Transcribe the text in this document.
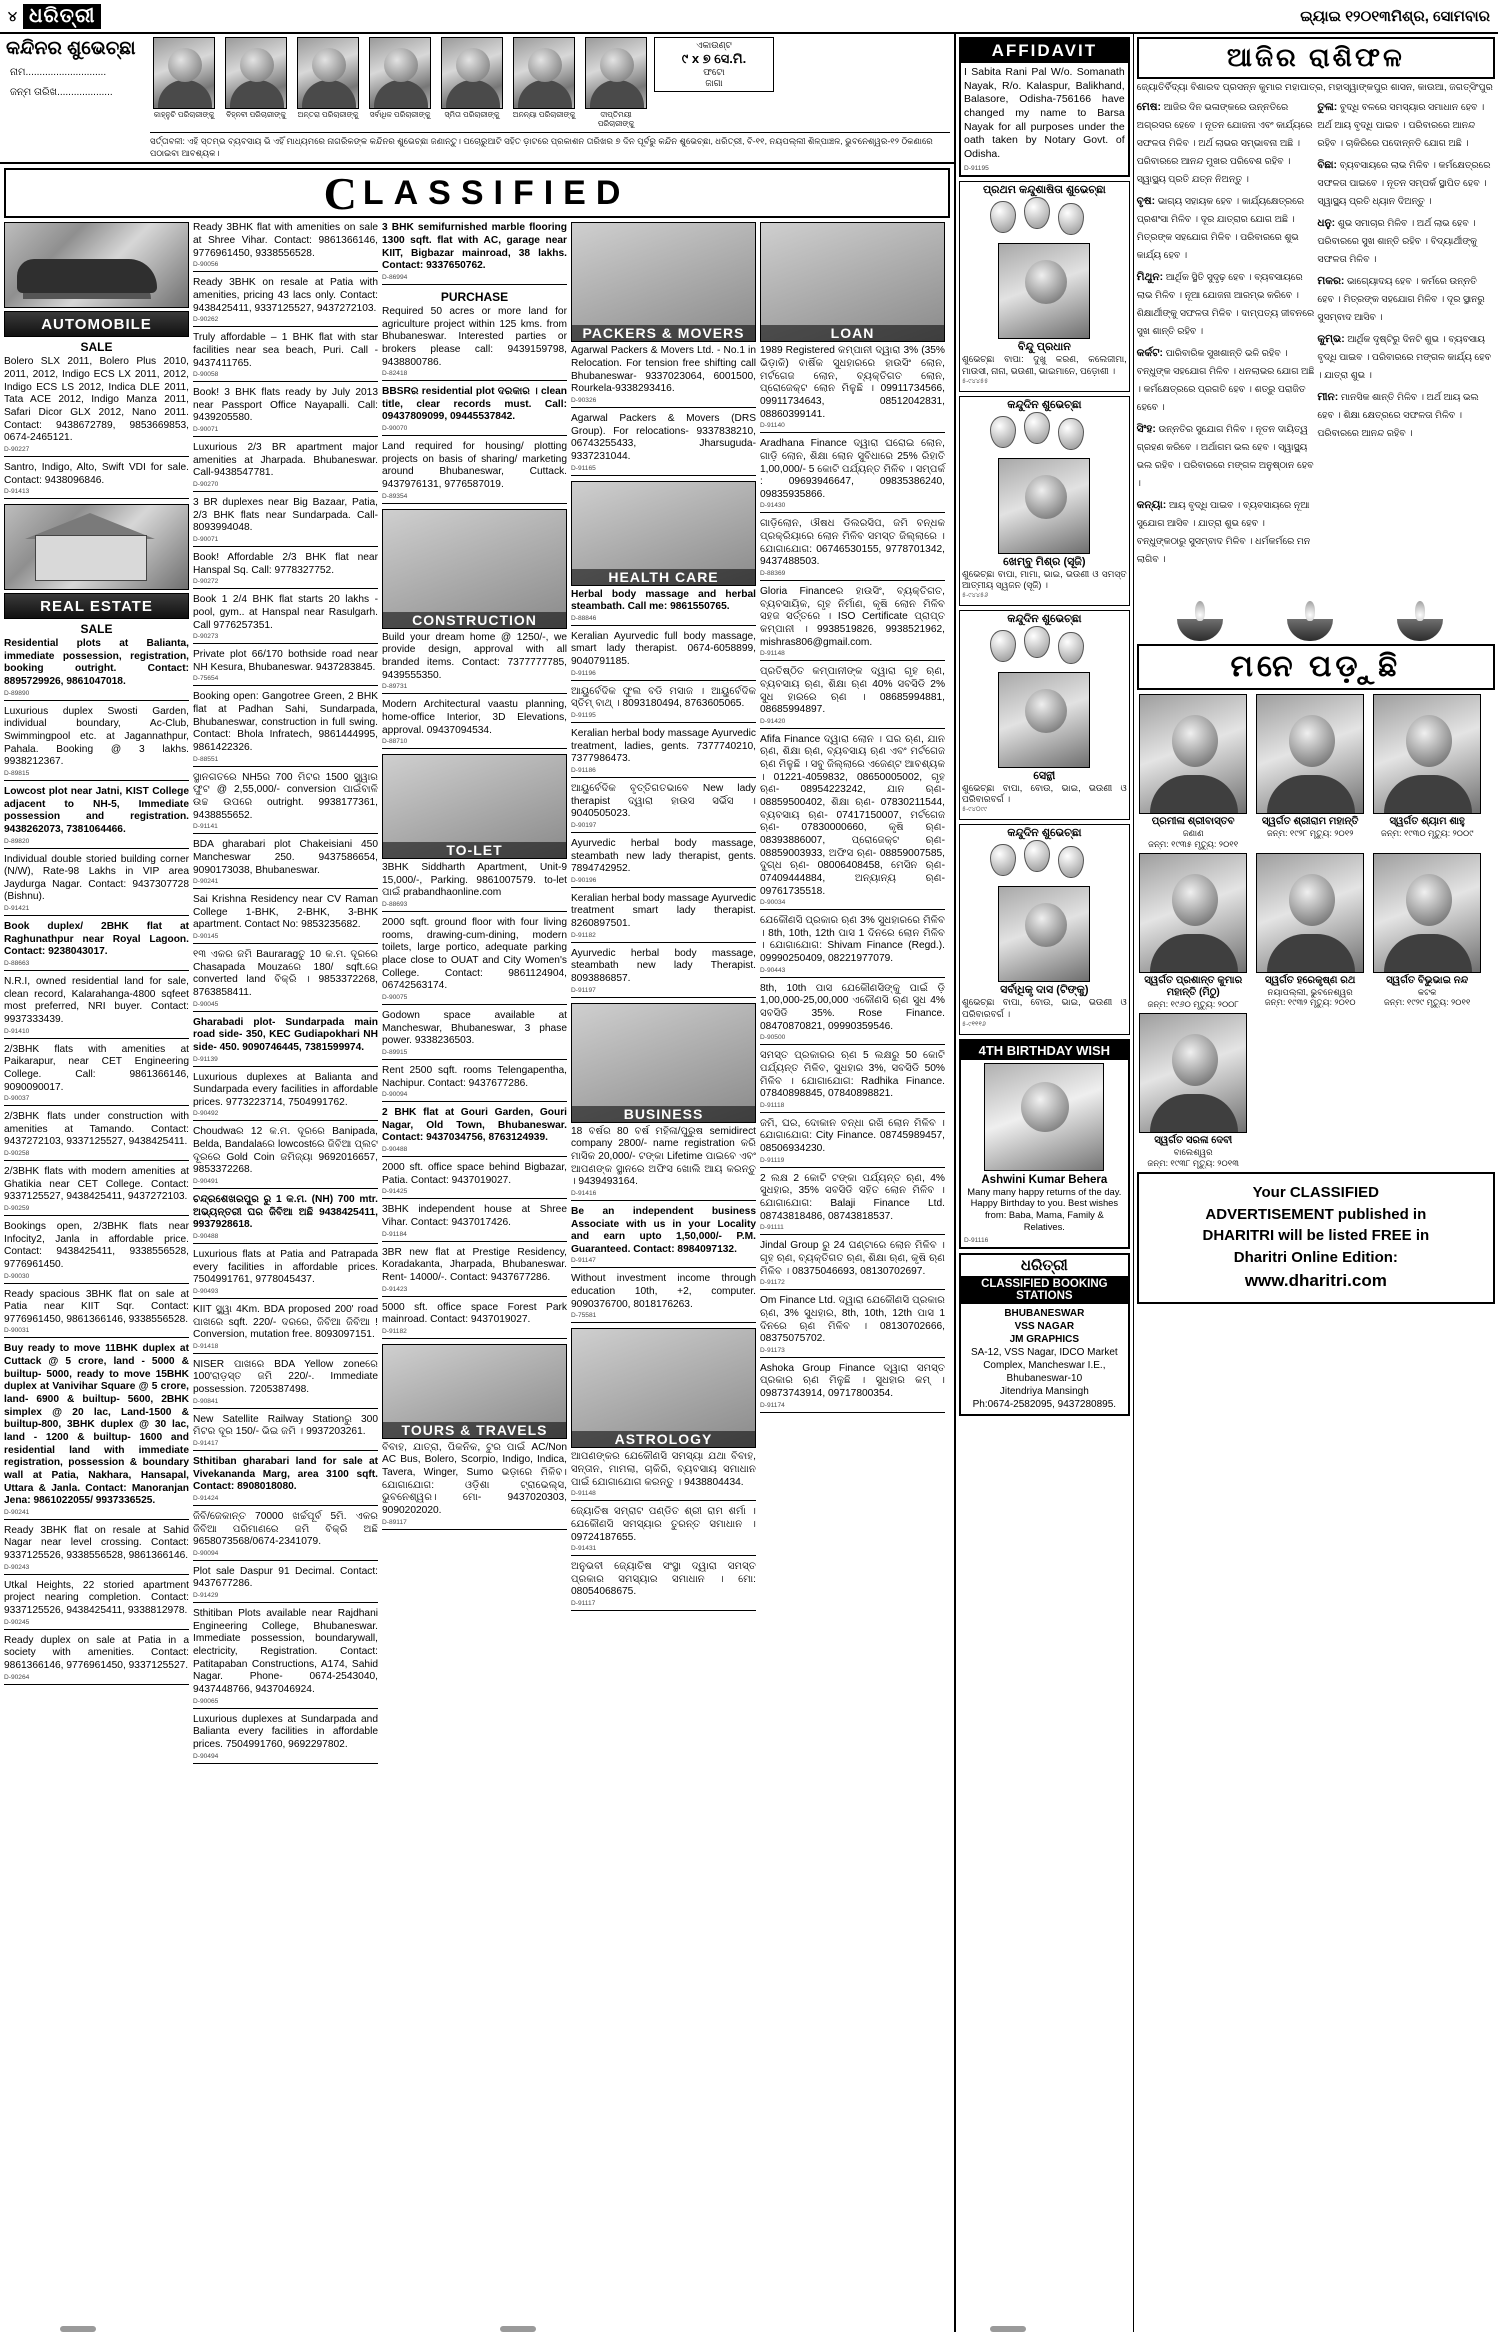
୪ ଧରିତ୍ରୀ	ଇ୍ୟାଇ ୧୨୦୧୩ମିଶ୍ର, ସୋମବାର
କନ୍ଦିନର ଶୁଭେଚ୍ଛା
ନାମ.............................
ଜନ୍ମ ତାରିଖ....................
କାହ୍ନୁଚି ପରିଚାରୀଙ୍କୁ	ବିହ୍ନବୀ ପରିଚାରୀଙ୍କୁ	ଅନ୍ତରା ପରିଚାରୀଙ୍କୁ	ସର୍ବାଧିକ ପରିଚାରୀଙ୍କୁ	ସ୍ମିତା ପରିଚାରୀଙ୍କୁ	ଅନନ୍ୟା ପରିଚାରୀଙ୍କୁ	ଦୀପ୍ତିମୟୀ ପରିଚାରୀଙ୍କୁ
ଏକାଉଣ୍ଟ
୯ x ୭ ସେ.ମି.
ଫଟୋ
ଜାଗା
ସର୍ତ୍ତାବଳୀ: ଏହି ସ୍ତମ୍ଭ ବ୍ୟବସାୟ ଭି ଏହିଁ ମାଧ୍ୟମରେ ନାଗରିକଙ୍କ କନ୍ଦିନର ଶୁଭେଚ୍ଛା ଜଣାନ୍ତୁ। ପଚୋରୁଆଟି ସହିତ ଡ଼ାଟରେ ପ୍ରକାଶନ ତାରିଖର ୭ ଦିନ ପୂର୍ବରୁ କନ୍ଦିନ ଶୁଭେଚ୍ଛା, ଧରିତ୍ରୀ, ବି-୧୧, ନୟପଲ୍ଲୀ ଶିଳ୍ପାଞ୍ଚଳ, ଭୁବନେଶ୍ୱର-୧୨ ଠିକଣାରେ ପଠାଇବା ଆବଶ୍ୟକ।
C LASSIFIED
AUTOMOBILE
SALE
Bolero SLX 2011, Bolero Plus 2010, 2011, 2012, Indigo ECS LX 2011, 2012, Indigo ECS LS 2012, Indica DLE 2011, Tata ACE 2012, Indigo Manza 2011, Safari Dicor GLX 2012, Nano 2011. Contact: 9438672789, 9853669853, 0674-2465121.
D-90227
Santro, Indigo, Alto, Swift VDI for sale. Contact: 9438096846.
D-91413
REAL ESTATE
SALE
Residential plots at Balianta, immediate possession, registration, booking outright. Contact: 8895729926, 9861047018.
D-89890
Luxurious duplex Swosti Garden, individual boundary, Ac-Club, Swimmingpool etc. at Jagannathpur, Pahala. Booking @ 3 lakhs. 9938212367.
D-89815
Lowcost plot near Jatni, KIST College adjacent to NH-5, Immediate possession and registration. 9438262073, 7381064466.
D-89820
Individual double storied building corner (N/W), Rate-98 Lakhs in VIP area Jaydurga Nagar. Contact: 9437307728 (Bishnu).
D-91421
Book duplex/ 2BHK flat at Raghunathpur near Royal Lagoon. Contact: 9238043017.
D-88663
N.R.I, owned residential land for sale, clean record, Kalarahanga-4800 sqfeet most preferred, NRI buyer. Contact: 9937333439.
D-91410
2/3BHK flats with amenities at Paikarapur, near CET Engineering College. Call: 9861366146, 9090090017.
D-90037
2/3BHK flats under construction with amenities at Tamando. Contact: 9437272103, 9337125527, 9438425411.
D-90258
2/3BHK flats with modern amenities at Ghatikia near CET College. Contact: 9337125527, 9438425411, 9437272103.
D-90259
Bookings open, 2/3BHK flats near Infocity2, Janla in affordable price. Contact: 9438425411, 9338556528, 9776961450.
D-90030
Ready spacious 3BHK flat on sale at Patia near KIIT Sqr. Contact: 9776961450, 9861366146, 9338556528.
D-90031
Buy ready to move 11BHK duplex at Cuttack @ 5 crore, land - 5000 & builtup- 5000, ready to move 15BHK duplex at Vanivihar Square @ 5 crore, land- 6900 & builtup- 5600, 2BHK simplex @ 20 lac, Land-1500 & builtup-800, 3BHK duplex @ 30 lac, land - 1200 & builtup- 1600 and residential land with immediate registration, possession & boundary wall at Patia, Nakhara, Hansapal, Uttara & Janla. Contact: Manoranjan Jena: 9861022055/ 9937336525.
D-90241
Ready 3BHK flat on resale at Sahid Nagar near level crossing. Contact: 9337125526, 9338556528, 9861366146.
D-90243
Utkal Heights, 22 storied apartment project nearing completion. Contact: 9337125526, 9438425411, 9338812978.
D-90245
Ready duplex on sale at Patia in a society with amenities. Contact: 9861366146, 9776961450, 9337125527.
D-90264
Ready 3BHK flat with amenities on sale at Shree Vihar. Contact: 9861366146, 9776961450, 9338556528.
D-90056
Ready 3BHK on resale at Patia with amenities, pricing 43 lacs only. Contact: 9438425411, 9337125527, 9437272103.
D-90262
Truly affordable – 1 BHK flat with star facilities near sea beach, Puri. Call - 9437411765.
D-90058
Book! 3 BHK flats ready by July 2013 near Passport Office Nayapalli. Call: 9439205580.
D-90071
Luxurious 2/3 BR apartment major amenities at Jharpada. Bhubaneswar. Call-9438547781.
D-90270
3 BR duplexes near Big Bazaar, Patia, 2/3 BHK flats near Sundarpada. Call-8093994048.
D-90071
Book! Affordable 2/3 BHK flat near Hanspal Sq. Call: 9778327752.
D-90272
Book 1 2/4 BHK flat starts 20 lakhs - pool, gym.. at Hanspal near Rasulgarh. Call 9776257351.
D-90273
Private plot 66/170 bothside road near NH Kesura, Bhubaneswar. 9437283845.
D-75654
Booking open: Gangotree Green, 2 BHK flat at Padhan Sahi, Sundarpada, Bhubaneswar, construction in full swing. Contact: Bhola Infratech, 9861444995, 9861422326.
D-88551
ସ୍ଥାନଗତରେ NH5ର 700 ମିଟର 1500 ସ୍କ୍ୱାର ଫୁଟ @ 2,55,000/- conversion ପାଇଁବାଳି ଉଚ୍ଚ ଉପରେ outright. 9938177361, 9438855652.
D-91141
BDA gharabari plot Chakeisiani 450 Mancheswar 250. 9437586654, 9090173038, Bhubaneswar.
D-90241
Sai Krishna Residency near CV Raman College 1-BHK, 2-BHK, 3-BHK apartment. Contact No: 9853235682.
D-90145
୧୩ ଏକର ଜମି Bauraragତୁ 10 କ.ମ. ଦୂରରେ Chasapada Mouzaରେ 180/ sqft.ରେ converted land ବିକ୍ରି । 9853372268, 8763858411.
D-90045
Gharabadi plot- Sundarpada main road side- 350, KEC Gudiapokhari NH side- 450. 9090746445, 7381599974.
D-91139
Luxurious duplexes at Balianta and Sundarpada every facilities in affordable prices. 9773223714, 7504991762.
D-90492
Choudwaର 12 କ.ମ. ଦୂରରେ Banipada, Belda, Bandalaରେ lowcostରେ ଜିବିଆ ପ୍ଲଟ ଦୂରରେ Gold Coin ଜମିଜ୍ୟା 9692016657, 9853372268.
D-90491
ଚନ୍ଦ୍ରଶେଖରପୁର ରୁ 1 କ.ମ. (NH) 700 mtr. ଅଭ୍ୟନ୍ତରୀ ଘର ଜିବିଆ ଅଛି 9438425411, 9937928618.
D-90488
Luxurious flats at Patia and Patrapada every facilities in affordable prices. 7504991761, 9778045437.
D-90493
KIIT ସ୍କ୍ୱା 4Km. BDA proposed 200' road ପାଖରେ sqft. 220/- ଦରରେ, ଜିବିଆ ଜିବିଆ ! Conversion, mutation free. 8093097151.
D-91418
NISER ପାଖରେ BDA Yellow zoneରେ 100'ରାଡ଼ସ୍ତ ଜମି 220/-. Immediate possession. 7205387498.
D-90841
New Satellite Railway Stationରୁ 300 ମିଟର ଦୂର 150/- ଭିଇ ଜମି । 9937203261.
D-91417
Sthitiban gharabari land for sale at Vivekananda Marg, area 3100 sqft. Contact: 8908018080.
D-91424
ଜିବି/ଜେକାନ୍ତ 70000 ଖର୍ଚ୍ଚପୂର୍ବ 5ମି. ଏକର ଜିବିଆ ପରିମାଣରେ ଜମି ବିକ୍ରି ଅଛି 9658073568/0674-2341079.
D-90094
Plot sale Daspur 91 Decimal. Contact: 9437677286.
D-91429
Sthitiban Plots available near Rajdhani Engineering College, Bhubaneswar. Immediate possession, boundarywall, electricity, Registration. Contact: Patitapaban Constructions, A174, Sahid Nagar. Phone- 0674-2543040, 9437448766, 9437046924.
D-90065
Luxurious duplexes at Sundarpada and Balianta every facilities in affordable prices. 7504991760, 9692297802.
D-90494
3 BHK semifurnished marble flooring 1300 sqft. flat with AC, garage near KIIT, Bigbazar mainroad, 38 lakhs. Contact: 9337650762.
D-86994
PURCHASE
Required 50 acres or more land for agriculture project within 125 kms. from Bhubaneswar. Interested parties or brokers please call: 9439159798, 9438800786.
D-82418
BBSRର residential plot ଦରକାର । clean title, clear records must. Call: 09437809099, 09445537842.
D-90070
Land required for housing/ plotting projects on basis of sharing/ marketing around Bhubaneswar, Cuttack. 9437976131, 9776587019.
D-89354
CONSTRUCTION
Build your dream home @ 1250/-, we provide design, approval with all branded items. Contact: 7377777785, 9439555350.
D-89731
Modern Architectural vaastu planning, home-office Interior, 3D Elevations, approval. 09437094534.
D-88710
TO-LET
3BHK Siddharth Apartment, Unit-9 15,000/-, Parking. 9861007579. to-let ପାଇଁ prabandhaonline.com
D-88693
2000 sqft. ground floor with four living rooms, drawing-cum-dining, modern toilets, large portico, adequate parking place close to OUAT and City Women's College. Contact: 9861124904, 06742563174.
D-90075
Godown space available at Mancheswar, Bhubaneswar, 3 phase power. 9338236503.
D-89915
Rent 2500 sqft. rooms Telengapentha, Nachipur. Contact: 9437677286.
D-90094
2 BHK flat at Gouri Garden, Gouri Nagar, Old Town, Bhubaneswar. Contact: 9437034756, 8763124939.
D-90488
2000 sft. office space behind Bigbazar, Patia. Contact: 9437019027.
D-91425
3BHK independent house at Shree Vihar. Contact: 9437017426.
D-91184
3BR new flat at Prestige Residency, Koradakanta, Jharpada, Bhubaneswar. Rent- 14000/-. Contact: 9437677286.
D-91423
5000 sft. office space Forest Park mainroad. Contact: 9437019027.
D-91182
TOURS & TRAVELS
ବିବାହ, ଯାତ୍ରା, ପିକନିକ, ଟୁର ପାଇଁ AC/Non AC Bus, Bolero, Scorpio, Indigo, Indica, Tavera, Winger, Sumo ଭଡ଼ାରେ ମିଳିବ। ଯୋଗାଯୋଗ: ଓଡ଼ିଶା ଟ୍ରାଭେଲ୍ସ, ଭୁବନେଶ୍ୱର। ମୋ- 9437020303, 9090202020.
D-89117
PACKERS & MOVERS
Agarwal Packers & Movers Ltd. - No.1 in Relocation. For tension free shifting call Bhubaneswar- 9337023064, 6001500, Rourkela-9338293416.
D-90326
Agarwal Packers & Movers (DRS Group). For relocations- 9337838210, 06743255433, Jharsuguda- 9337231044.
D-91165
HEALTH CARE
Herbal body massage and herbal steambath. Call me: 9861550765.
D-88846
Keralian Ayurvedic full body massage, smart lady therapist. 0674-6058899, 9040791185.
D-91196
ଆୟୁର୍ବେଦିକ ଫୁଲ ବଡି ମସାଜ । ଆୟୁର୍ବେଦିକ ସ୍ତିମ୍ ବାଥ୍ । 8093180494, 8763605065.
D-91195
Keralian herbal body massage Ayurvedic treatment, ladies, gents. 7377740210, 7377986473.
D-91186
ଆୟୁର୍ବେଦିକ ବୃତ୍ତିଗତଭାବେ New lady therapist ଦ୍ୱାରା ହାଉସ ସର୍ଭିସ । 9040505023.
D-90197
Ayurvedic herbal body massage, steambath new lady therapist, gents. 7894742952.
D-90196
Keralian herbal body massage Ayurvedic treatment smart lady therapist. 8260897501.
D-91182
Ayurvedic herbal body massage, steambath new lady Therapist. 8093886857.
D-91197
BUSINESS
18 ବର୍ଷର 80 ବର୍ଷ ମହିଳା/ପୁରୁଷ semidirect company 2800/- name registration କରି ମାସିକ 20,000/- ଟଙ୍କା Lifetime ପାଇବେ ଏବଂ ଆପଣଙ୍କ ସ୍ଥାନରେ ଅଫିସ ଖୋଲି ଆୟ କରନ୍ତୁ । 9439493164.
D-91416
Be an independent business Associate with us in your Locality and earn upto 1,50,000/- P.M. Guaranteed. Contact: 8984097132.
D-91147
Without investment income through education 10th, +2, computer. 9090376700, 8018176263.
D-75581
ASTROLOGY
ଆପଣଙ୍କର ଯେକୌଣସି ସମସ୍ୟା ଯଥା ବିବାହ, ସନ୍ତାନ, ମାମଲା, ଚାକିରି, ବ୍ୟବସାୟ ସମାଧାନ ପାଇଁ ଯୋଗାଯୋଗ କରନ୍ତୁ । 9438804434.
D-91148
ଜ୍ୟୋତିଷ ସମ୍ରାଟ ପଣ୍ଡିତ ଶ୍ରୀ ରାମ ଶର୍ମା । ଯେକୌଣସି ସମସ୍ୟାର ତୁରନ୍ତ ସମାଧାନ । 09724187655.
D-91431
ଅନୁଭବୀ ଜ୍ୟୋତିଷ ସଂସ୍ଥା ଦ୍ୱାରା ସମସ୍ତ ପ୍ରକାର ସମସ୍ୟାର ସମାଧାନ । ମୋ: 08054068675.
D-91117
LOAN
1989 Registered କମ୍ପାନୀ ଦ୍ୱାରା 3% (35% ଭିଡ଼ାକି) ବାର୍ଷିକ ସୁଧହାରରେ ହାଉସିଂ ଲୋନ, ମର୍ଟଗେଜ ଲୋନ, ବ୍ୟକ୍ତିଗତ ଲୋନ, ପ୍ରୋଜେକ୍ଟ ଲୋନ ମିଳୁଛି । 09911734566, 09911734643, 08512042831, 08860399141.
D-91140
Aradhana Finance ଦ୍ୱାରା ଘରୋଇ ଲୋନ, ଗାଡ଼ି ଲୋନ, ଶିକ୍ଷା ଲୋନ ସୁବିଧାରେ 25% ରିହାତି 1,00,000/- 5 କୋଟି ପର୍ଯ୍ୟନ୍ତ ମିଳିବ । ସମ୍ପର୍କ : 09693946647, 09835386240, 09835935866.
D-91430
ଗାଡ଼ିଲୋନ, ଔଷଧ ଡିଲରସିପ, ଜମି ବନ୍ଧକ ପ୍ରକ୍ରିୟାରେ ଲୋନ ମିଳିବ ସମସ୍ତ ଜିଲ୍ଲାରେ । ଯୋଗାଯୋଗ: 06746530155, 9778701342, 9437488503.
D-88369
Gloria Financeର ହାଉସିଂ, ବ୍ୟକ୍ତିଗତ, ବ୍ୟବସାୟିକ, ଗୃହ ନିର୍ମାଣ, କୃଷି ଲୋନ ମିଳିବ ସହଜ ସର୍ତ୍ତରେ । ISO Certificate ପ୍ରାପ୍ତ କମ୍ପାନୀ । 9938519826, 9938521962, mishras806@gmail.com.
D-91148
ପ୍ରତିଷ୍ଠିତ କମ୍ପାନୀଙ୍କ ଦ୍ୱାରା ଗୃହ ଋଣ, ବ୍ୟବସାୟ ଋଣ, ଶିକ୍ଷା ଋଣ 40% ସବସିଡି 2% ସୁଧ ହାରରେ ଋଣ । 08685994881, 08685994897.
D-91420
Afifa Finance ଦ୍ୱାରା ଲୋନ । ଘର ଋଣ, ଯାନ ଋଣ, ଶିକ୍ଷା ଋଣ, ବ୍ୟବସାୟ ଋଣ ଏବଂ ମର୍ଟଗେଜ ଋଣ ମିଳୁଛି । ସବୁ ଜିଲ୍ଲାରେ ଏଜେଣ୍ଟ ଆବଶ୍ୟକ । 01221-4059832, 08650005002, ଗୃହ ଋଣ- 08954223242, ଯାନ ଋଣ- 08859500402, ଶିକ୍ଷା ଋଣ- 07830211544, ବ୍ୟବସାୟ ଋଣ- 07417150007, ମର୍ଟଗେଜ ଋଣ- 07830000660, କୃଷି ଋଣ- 08393886007, ପ୍ରୋଜେକ୍ଟ ଋଣ- 08859003933, ଅଫିସ ଋଣ- 08859007585, ଦୁଗ୍ଧ ଋଣ- 08006408458, ମେସିନ ଋଣ- 07409444884, ଅନ୍ୟାନ୍ୟ ଋଣ- 09761735518.
D-90034
ଯେକୌଣସି ପ୍ରକାର ଋଣ 3% ସୁଧହାରରେ ମିଳିବ । 8th, 10th, 12th ପାସ 1 ଦିନରେ ଲୋନ ମିଳିବ । ଯୋଗାଯୋଗ: Shivam Finance (Regd.). 09990250409, 08221977079.
D-90443
8th, 10th ପାସ ଯେକୌଣସିଙ୍କୁ ପାଇଁ ଡ଼ି 1,00,000-25,00,000 ଏକୌଣସି ଋଣ ସୁଧ 4% ସବସିଡି 35%. Rose Finance. 08470870821, 09990359546.
D-90500
ସମସ୍ତ ପ୍ରକାରର ଋଣ 5 ଲକ୍ଷରୁ 50 କୋଟି ପର୍ଯ୍ୟନ୍ତ ମିଳିବ, ସୁଧହାର 3%, ସବସିଡି 50% ମିଳିବ । ଯୋଗାଯୋଗ: Radhika Finance. 07840898845, 07840898821.
D-91118
ଜମି, ଘର, ଦୋକାନ ବନ୍ଧା ରଖି ଲୋନ ମିଳିବ । ଯୋଗାଯୋଗ: City Finance. 08745989457, 08506934230.
D-91119
2 ଲକ୍ଷ 2 କୋଟି ଟଙ୍କା ପର୍ଯ୍ୟନ୍ତ ଋଣ, 4% ସୁଧହାର, 35% ସବସିଡି ସହିତ ଲୋନ ମିଳିବ । ଯୋଗାଯୋଗ: Balaji Finance Ltd. 08743818486, 08743818537.
D-91111
Jindal Group ରୁ 24 ଘଣ୍ଟାରେ ଲୋନ ମିଳିବ । ଗୃହ ଋଣ, ବ୍ୟକ୍ତିଗତ ଋଣ, ଶିକ୍ଷା ଋଣ, କୃଷି ଋଣ ମିଳିବ । 08375046693, 08130702697.
D-91172
Om Finance Ltd. ଦ୍ୱାରା ଯେକୌଣସି ପ୍ରକାର ଋଣ, 3% ସୁଧହାର, 8th, 10th, 12th ପାସ 1 ଦିନରେ ଋଣ ମିଳିବ । 08130702666, 08375075702.
D-91173
Ashoka Group Finance ଦ୍ୱାରା ସମସ୍ତ ପ୍ରକାର ଋଣ ମିଳୁଛି । ସୁଧହାର କମ୍ । 09873743914, 09717800354.
D-91174
AFFIDAVIT
I Sabita Rani Pal W/o. Somanath Nayak, R/o. Kalaspur, Balikhand, Balasore, Odisha-756166 have changed my name to Barsa Nayak for all purposes under the oath taken by Notary Govt. of Odisha.
D-91195
ପ୍ରଥମ କନ୍ଦୁଶାଷିତା ଶୁଭେଚ୍ଛା
ବିନ୍ଦୁ ପ୍ରଧାନ
ଶୁଭେଚ୍ଛା ବାପା: ଦୁଖୁ କରଣ, କଲେଜୀମା, ମାଉସୀ, ନାନା, ଭଉଣୀ, ଭାଇମାନେ, ପଡ଼ୋଶୀ ।
୫-୯୪୪୫୫
କନ୍ଦୁଦିନ ଶୁଭେଚ୍ଛା
ଖେମ୍ବୁ ମିଶ୍ର (ସୂଜି)
ଶୁଭେଚ୍ଛା ବାପା, ମାମା, ଭାଇ, ଭଉଣୀ ଓ ସମସ୍ତ ଆତ୍ମୀୟ ସ୍ୱଜନ (ସୂଜି) ।
୫-୯୪୪୫୬
କନ୍ଦୁଦିନ ଶୁଭେଚ୍ଛା
ସେନ୍ଥୀ
ଶୁଭେଚ୍ଛା ବାପା, ବୋଉ, ଭାଇ, ଭଉଣୀ ଓ ପରିବାରବର୍ଗ ।
୫-୯୪୦୯୯
କନ୍ଦୁଦିନ ଶୁଭେଚ୍ଛା
ସର୍ବାଧିକୃ ଦାସ (ଟିଙ୍କୁ)
ଶୁଭେଚ୍ଛା ବାପା, ବୋଉ, ଭାଇ, ଭଉଣୀ ଓ ପରିବାରବର୍ଗ ।
୫-୯୧୧୧୬
4TH BIRTHDAY WISH
Ashwini Kumar Behera
Many many happy returns of the day. Happy Birthday to you. Best wishes from: Baba, Mama, Family & Relatives.
D-91116
ଧରିତ୍ରୀ
CLASSIFIED BOOKING STATIONS
BHUBANESWAR
VSS NAGAR
JM GRAPHICS
SA-12, VSS Nagar, IDCO Market Complex, Mancheswar I.E., Bhubaneswar-10
Jitendriya Mansingh
Ph:0674-2582095, 9437280895.
ଆଜିର ରାଶିଫଳ
ଜ୍ୟୋତିର୍ବିଦ୍ୟା ବିଶାରଦ ପ୍ରସନ୍ନ କୁମାର ମହାପାତ୍ର, ମହାସ୍ୱାଙ୍କପୁର ଶାସନ, କାଉଆ, ଜଗତ୍ସିଂପୁର
ମେଷ: ଆଜିର ଦିନ ଭଳାଙ୍କରେ ଉନ୍ନତିରେ ଅଗ୍ରସର ହେବେ । ନୂତନ ଯୋଜନା ଏବଂ କାର୍ଯ୍ୟରେ ସଫଳତା ମିଳିବ । ଅର୍ଥ ଲାଭର ସମ୍ଭାବନା ଅଛି । ପରିବାରରେ ଆନନ୍ଦ ମୁଖର ପରିବେଶ ରହିବ । ସ୍ୱାସ୍ଥ୍ୟ ପ୍ରତି ଯତ୍ନ ନିଅନ୍ତୁ ।
ବୃଷ: ଭାଗ୍ୟ ସହାୟକ ହେବ । କାର୍ଯ୍ୟକ୍ଷେତ୍ରରେ ପ୍ରଶଂସା ମିଳିବ । ଦୂର ଯାତ୍ରାର ଯୋଗ ଅଛି । ମିତ୍ରଙ୍କ ସହଯୋଗ ମିଳିବ । ପରିବାରରେ ଶୁଭ କାର୍ଯ୍ୟ ହେବ ।
ମିଥୁନ: ଆର୍ଥିକ ସ୍ଥିତି ସୁଦୃଢ଼ ହେବ । ବ୍ୟବସାୟରେ ଲାଭ ମିଳିବ । ନୂଆ ଯୋଜନା ଆରମ୍ଭ କରିବେ । ଶିକ୍ଷାର୍ଥୀଙ୍କୁ ସଫଳତା ମିଳିବ । ଦାମ୍ପତ୍ୟ ଜୀବନରେ ସୁଖ ଶାନ୍ତି ରହିବ ।
କର୍କଟ: ପାରିବାରିକ ସୁଖଶାନ୍ତି ଭଳି ରହିବ । ବନ୍ଧୁଙ୍କ ସହଯୋଗ ମିଳିବ । ଧନଲାଭର ଯୋଗ ଅଛି । କର୍ମକ୍ଷେତ୍ରରେ ପ୍ରଗତି ହେବ । ଶତ୍ରୁ ପରାଜିତ ହେବେ ।
ସିଂହ: ଉନ୍ନତିର ସୁଯୋଗ ମିଳିବ । ନୂତନ ଦାୟିତ୍ୱ ଗ୍ରହଣ କରିବେ । ଅର୍ଥାଗମ ଭଲ ହେବ । ସ୍ୱାସ୍ଥ୍ୟ ଭଲ ରହିବ । ପରିବାରରେ ମଙ୍ଗଳ ଅନୁଷ୍ଠାନ ହେବ ।
କନ୍ୟା: ଆୟ ବୃଦ୍ଧି ପାଇବ । ବ୍ୟବସାୟରେ ନୂଆ ସୁଯୋଗ ଆସିବ । ଯାତ୍ରା ଶୁଭ ହେବ । ବନ୍ଧୁଙ୍କଠାରୁ ସୁସମ୍ବାଦ ମିଳିବ । ଧର୍ମକର୍ମରେ ମନ ଲାଗିବ ।
ତୁଳା: ବୁଦ୍ଧି ବଳରେ ସମସ୍ୟାର ସମାଧାନ ହେବ । ଅର୍ଥ ଆୟ ବୃଦ୍ଧି ପାଇବ । ପରିବାରରେ ଆନନ୍ଦ ରହିବ । ଚାକିରିରେ ପଦୋନ୍ନତି ଯୋଗ ଅଛି ।
ବିଛା: ବ୍ୟବସାୟରେ ଲାଭ ମିଳିବ । କର୍ମକ୍ଷେତ୍ରରେ ସଫଳତା ପାଇବେ । ନୂତନ ସମ୍ପର୍କ ସ୍ଥାପିତ ହେବ । ସ୍ୱାସ୍ଥ୍ୟ ପ୍ରତି ଧ୍ୟାନ ଦିଅନ୍ତୁ ।
ଧନୁ: ଶୁଭ ସମାଚାର ମିଳିବ । ଅର୍ଥ ଲାଭ ହେବ । ପରିବାରରେ ସୁଖ ଶାନ୍ତି ରହିବ । ବିଦ୍ୟାର୍ଥୀଙ୍କୁ ସଫଳତା ମିଳିବ ।
ମକର: ଭାଗ୍ୟୋଦୟ ହେବ । କର୍ମରେ ଉନ୍ନତି ହେବ । ମିତ୍ରଙ୍କ ସହଯୋଗ ମିଳିବ । ଦୂର ସ୍ଥାନରୁ ସୁସମ୍ବାଦ ଆସିବ ।
କୁମ୍ଭ: ଆର୍ଥିକ ଦୃଷ୍ଟିରୁ ଦିନଟି ଶୁଭ । ବ୍ୟବସାୟ ବୃଦ୍ଧି ପାଇବ । ପରିବାରରେ ମଙ୍ଗଳ କାର୍ଯ୍ୟ ହେବ । ଯାତ୍ରା ଶୁଭ ।
ମୀନ: ମାନସିକ ଶାନ୍ତି ମିଳିବ । ଅର୍ଥ ଆୟ ଭଲ ହେବ । ଶିକ୍ଷା କ୍ଷେତ୍ରରେ ସଫଳତା ମିଳିବ । ପରିବାରରେ ଆନନ୍ଦ ରହିବ ।
ମନେ ପଡ଼ୁଛି
ପ୍ରମୀଳା ଶ୍ରୀବାସ୍ତବ
ଜଣାଣ
ଜନ୍ମ: ୧୯୩୫ ମୃତ୍ୟୁ: ୨୦୧୧
ସ୍ୱର୍ଗତ ଶ୍ରୀରାମ ମହାନ୍ତି
ଜନ୍ମ: ୧୯୨୮ ମୃତ୍ୟୁ: ୨୦୧୨
ସ୍ୱର୍ଗତ ଶ୍ୟାମ ଶାହୁ
ଜନ୍ମ: ୧୯୩୦ ମୃତ୍ୟୁ: ୨୦୦୯
ସ୍ୱର୍ଗତ ପ୍ରଶାନ୍ତ କୁମାର ମହାନ୍ତି (ମିଠୁ)
ଜନ୍ମ: ୧୯୬୦ ମୃତ୍ୟୁ: ୨୦୦୮
ସ୍ୱର୍ଗତ ହରେକୃଷ୍ଣ ରଥ
ନୟାପଲ୍ଲୀ, ଭୁବନେଶ୍ୱର
ଜନ୍ମ: ୧୯୩୨ ମୃତ୍ୟୁ: ୨୦୧୦
ସ୍ୱର୍ଗତ ବିଭୁଭାଇ ନନ୍ଦ
କଟକ
ଜନ୍ମ: ୧୯୨୯ ମୃତ୍ୟୁ: ୨୦୧୧
ସ୍ୱର୍ଗତ ସରଳା ଦେବୀ
ବାଲେଶ୍ୱର
ଜନ୍ମ: ୧୯୩୮ ମୃତ୍ୟୁ: ୨୦୧୩
Your CLASSIFIED
ADVERTISEMENT published in
DHARITRI will be listed FREE in
Dharitri Online Edition:
www.dharitri.com
